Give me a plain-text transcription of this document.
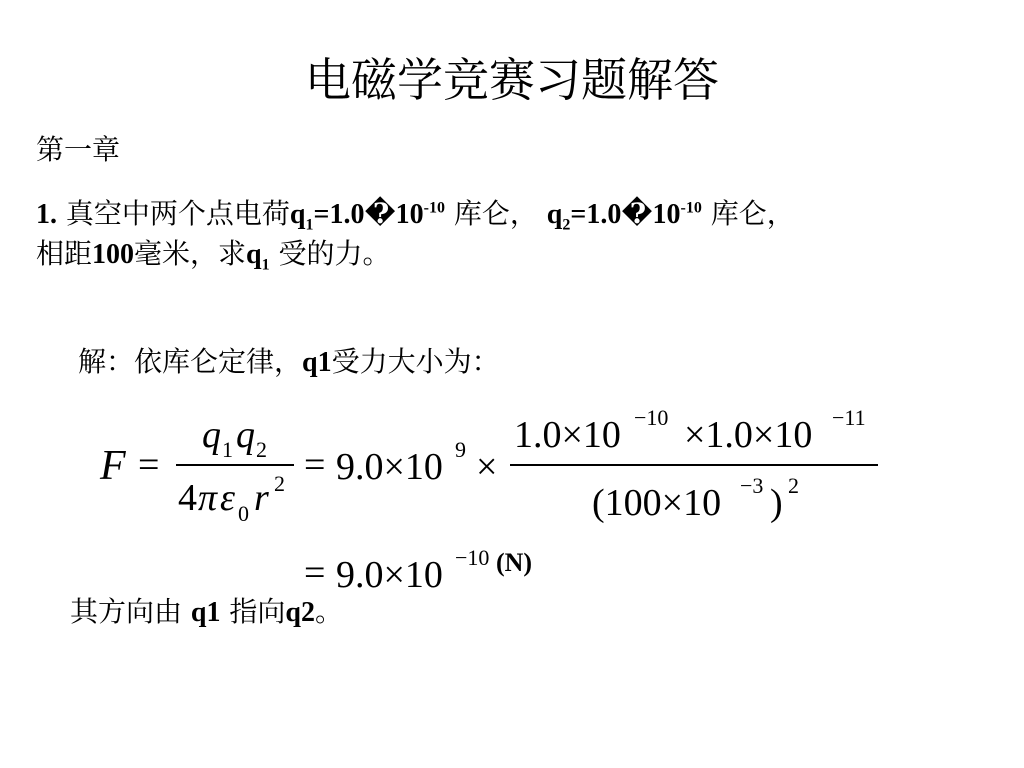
电磁学竞赛习题解答
第一章
1. 真空中两个点电荷$q_1=1.0�10^{-10}$ 库仑， $q_2=1.0�10^{-10}$ 库仑，
相距100毫米，求$q_1$ 受的力。
解：依库仑定律，q1受力大小为：
F =
q 1 q 2
4 π ε 0 r 2 = 9.0×10 9 ×
1.0×10 −10 ×1.0×10 −11
(100×10 −3 ) 2
= 9.0×10 −10 (N)
其方向由 q1 指向q2。
